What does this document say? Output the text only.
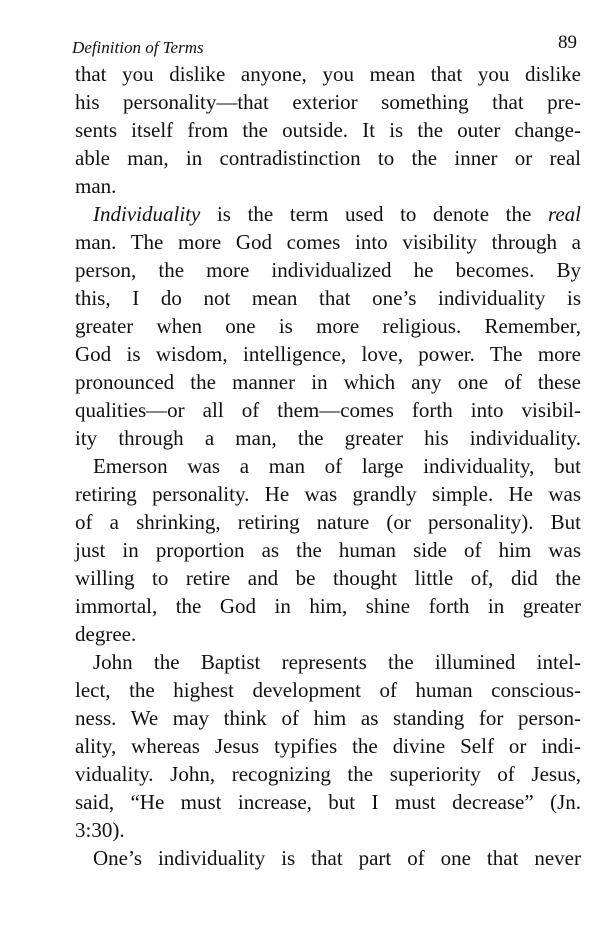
Definition of Terms	89
that you dislike anyone, you mean that you dislike
his personality—that exterior something that pre-
sents itself from the outside. It is the outer change-
able man, in contradistinction to the inner or real
man.
Individuality is the term used to denote the real
man. The more God comes into visibility through a
person, the more individualized he becomes. By
this, I do not mean that one’s individuality is
greater when one is more religious. Remember,
God is wisdom, intelligence, love, power. The more
pronounced the manner in which any one of these
qualities—or all of them—comes forth into visibil-
ity through a man, the greater his individuality.
Emerson was a man of large individuality, but
retiring personality. He was grandly simple. He was
of a shrinking, retiring nature (or personality). But
just in proportion as the human side of him was
willing to retire and be thought little of, did the
immortal, the God in him, shine forth in greater
degree.
John the Baptist represents the illumined intel-
lect, the highest development of human conscious-
ness. We may think of him as standing for person-
ality, whereas Jesus typifies the divine Self or indi-
viduality. John, recognizing the superiority of Jesus,
said, “He must increase, but I must decrease” (Jn.
3:30).
One’s individuality is that part of one that never
